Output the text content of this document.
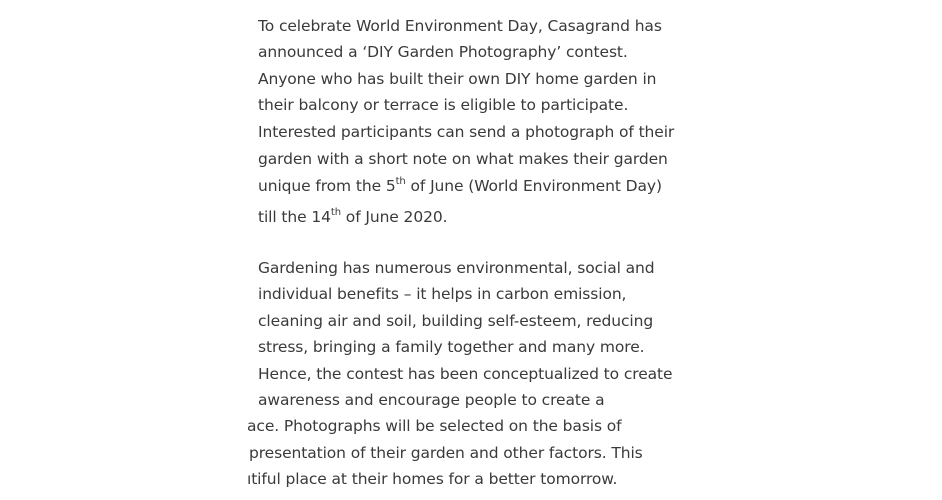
To celebrate World Environment Day, Casagrand has
announced a ‘DIY Garden Photography’ contest.
Anyone who has built their own DIY home garden in
their balcony or terrace is eligible to participate.
Interested participants can send a photograph of their
garden with a short note on what makes their garden
unique from the 5th of June (World Environment Day)
till the 14th of June 2020.
Gardening has numerous environmental, social and
individual benefits – it helps in carbon emission,
cleaning air and soil, building self-esteem, reducing
stress, bringing a family together and many more.
Hence, the contest has been conceptualized to create
awareness and encourage people to create a
ace. Photographs will be selected on the basis of
presentation of their garden and other factors. This
ıtiful place at their homes for a better tomorrow.
